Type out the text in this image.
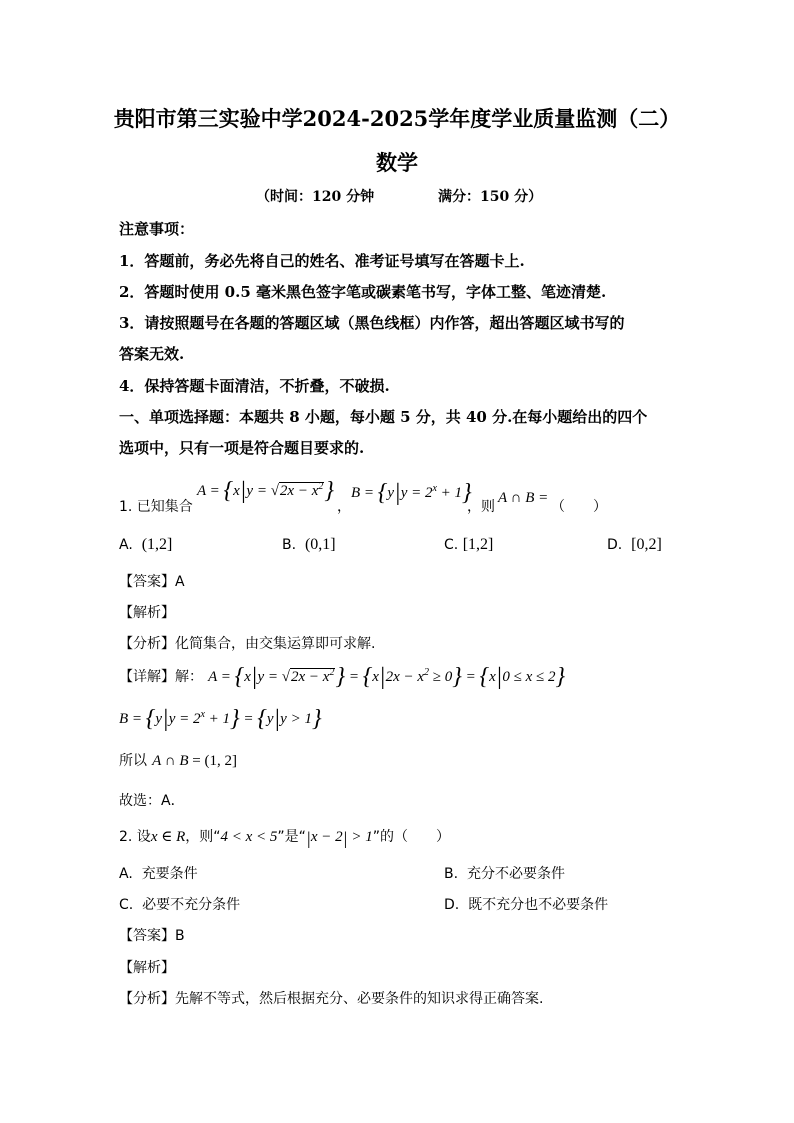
贵阳市第三实验中学2024-2025学年度学业质量监测（二）
数学
（时间：120 分钟	满分：150 分）
注意事项：
1．答题前，务必先将自己的姓名、准考证号填写在答题卡上.
2．答题时使用 0.5 毫米黑色签字笔或碳素笔书写，字体工整、笔迹清楚.
3．请按照题号在各题的答题区域（黑色线框）内作答，超出答题区域书写的
答案无效.
4．保持答题卡面清洁，不折叠，不破损.
一、单项选择题：本题共 8 小题，每小题 5 分，共 40 分.在每小题给出的四个
选项中，只有一项是符合题目要求的.
1. 已知集合
$A = \{x|y = √2x - x^2\}$
，
$B = \{y|y = 2^x + 1\}$
，则
A ∩ B =
（　　）
A. (1,2]	B. (0,1]	C. [1,2]	D. [0,2]
【答案】A
【解析】
【分析】化简集合，由交集运算即可求解.
【详解】解： $A = \{x|y = √2x - x^2\} = \{x|2x - x^2 \ge 0\} = \{x|0 \le x \le 2\}$
$B = \{y|y = 2^x + 1\} = \{y|y > 1\}$
所以 A ∩ B = (1, 2]
故选：A．
2. 设x ∈ R，则“4 < x < 5”是“|x − 2| > 1”的（　　）
A. 充要条件	B. 充分不必要条件
C. 必要不充分条件	D. 既不充分也不必要条件
【答案】B
【解析】
【分析】先解不等式，然后根据充分、必要条件的知识求得正确答案.
